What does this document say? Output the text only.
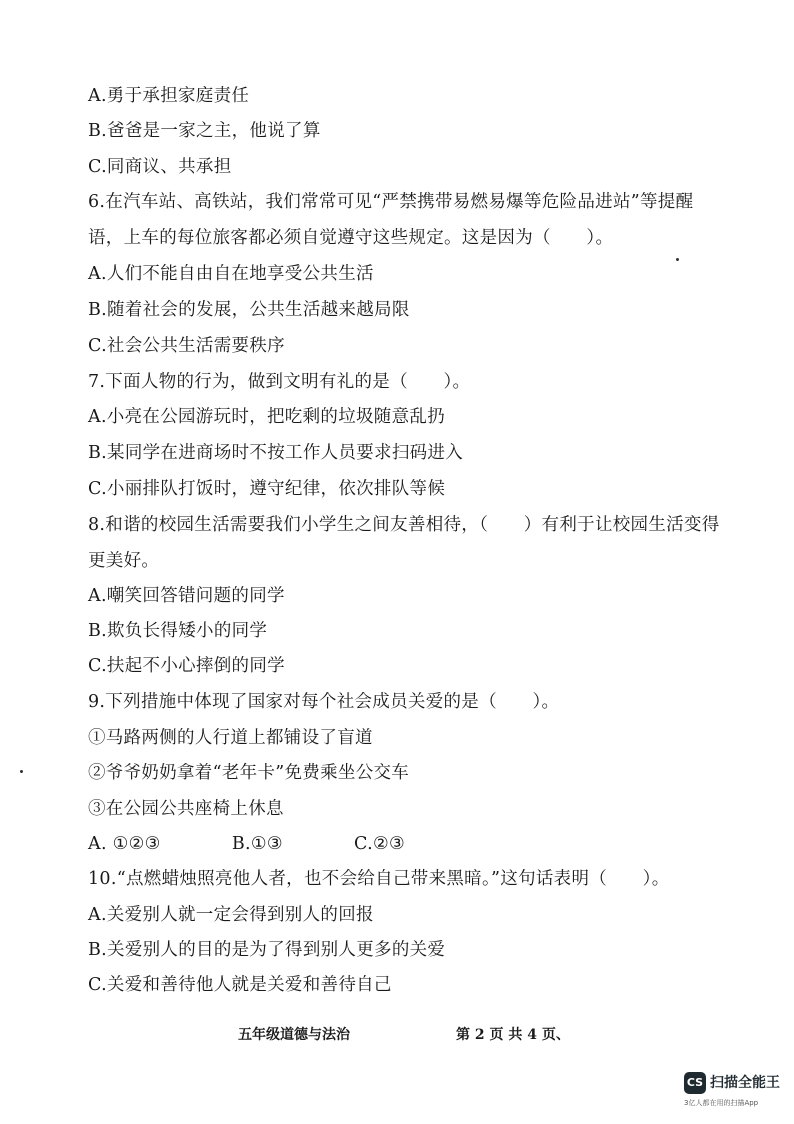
A.勇于承担家庭责任
B.爸爸是一家之主，他说了算
C.同商议、共承担
6.在汽车站、高铁站，我们常常可见“严禁携带易燃易爆等危险品进站”等提醒
语，上车的每位旅客都必须自觉遵守这些规定。这是因为（　　）。
A.人们不能自由自在地享受公共生活
B.随着社会的发展，公共生活越来越局限
C.社会公共生活需要秩序
7.下面人物的行为，做到文明有礼的是（　　）。
A.小亮在公园游玩时，把吃剩的垃圾随意乱扔
B.某同学在进商场时不按工作人员要求扫码进入
C.小丽排队打饭时，遵守纪律，依次排队等候
8.和谐的校园生活需要我们小学生之间友善相待，（　　）有利于让校园生活变得
更美好。
A.嘲笑回答错问题的同学
B.欺负长得矮小的同学
C.扶起不小心摔倒的同学
9.下列措施中体现了国家对每个社会成员关爱的是（　　）。
①马路两侧的人行道上都铺设了盲道
②爷爷奶奶拿着“老年卡”免费乘坐公交车
③在公园公共座椅上休息
A. ①②③　　　　B.①③　　　　C.②③
10.“点燃蜡烛照亮他人者，也不会给自己带来黑暗。”这句话表明（　　）。
A.关爱别人就一定会得到别人的回报
B.关爱别人的目的是为了得到别人更多的关爱
C.关爱和善待他人就是关爱和善待自己
五年级道德与法治	第 2 页 共 4 页、
CS 扫描全能王
3亿人都在用的扫描App
